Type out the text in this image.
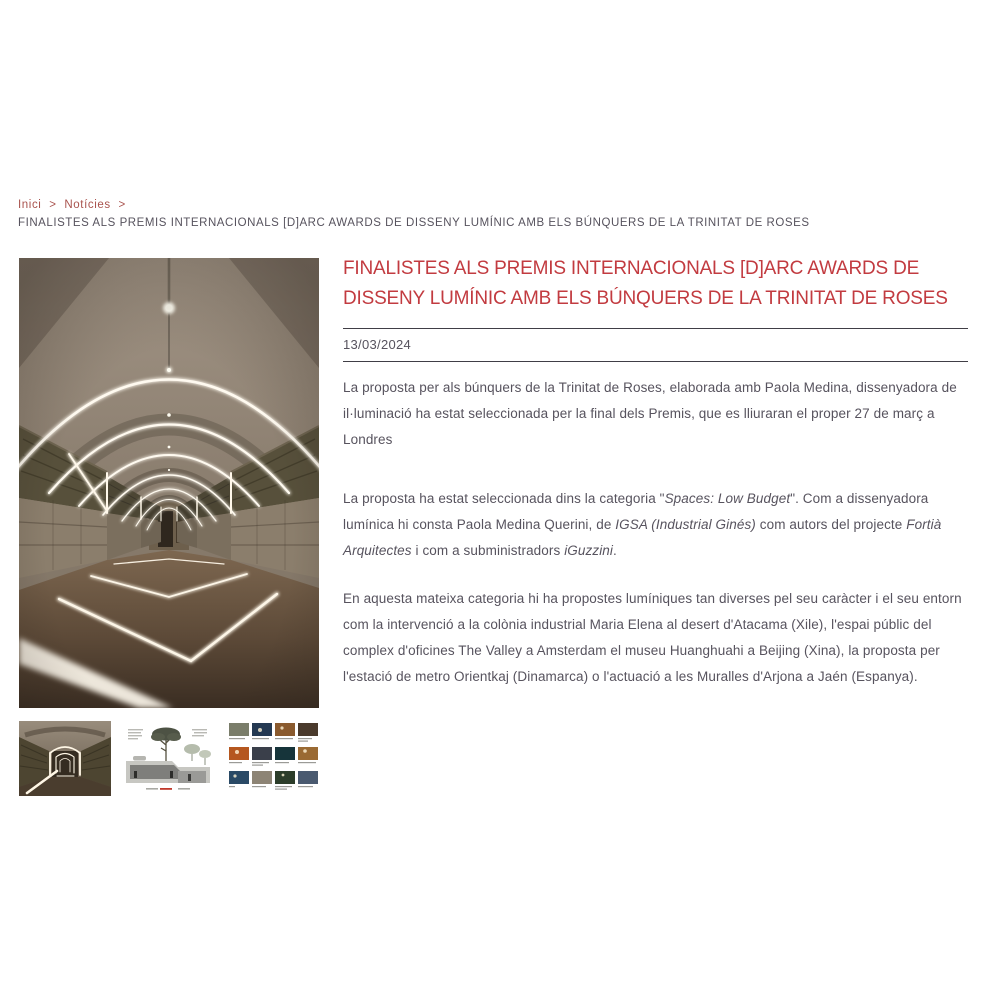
Inici > Notícies >
FINALISTES ALS PREMIS INTERNACIONALS [D]ARC AWARDS DE DISSENY LUMÍNIC AMB ELS BÚNQUERS DE LA TRINITAT DE ROSES
FINALISTES ALS PREMIS INTERNACIONALS [D]ARC AWARDS DE DISSENY LUMÍNIC AMB ELS BÚNQUERS DE LA TRINITAT DE ROSES
13/03/2024

La proposta per als búnquers de la Trinitat de Roses, elaborada amb Paola Medina, dissenyadora de il·luminació ha estat seleccionada per la final dels Premis, que es lliuraran el proper 27 de març a Londres

La proposta ha estat seleccionada dins la categoria "Spaces: Low Budget". Com a dissenyadora lumínica hi consta Paola Medina Querini, de IGSA (Industrial Ginés) com autors del projecte Fortià Arquitectes i com a subministradors iGuzzini.

En aquesta mateixa categoria hi ha propostes lumíniques tan diverses pel seu caràcter i el seu entorn com la intervenció a la colònia industrial Maria Elena al desert d'Atacama (Xile), l'espai públic del complex d'oficines The Valley a Amsterdam el museu Huanghuahi a Beijing (Xina), la proposta per l'estació de metro Orientkaj (Dinamarca) o l'actuació a les Muralles d'Arjona a Jaén (Espanya).
